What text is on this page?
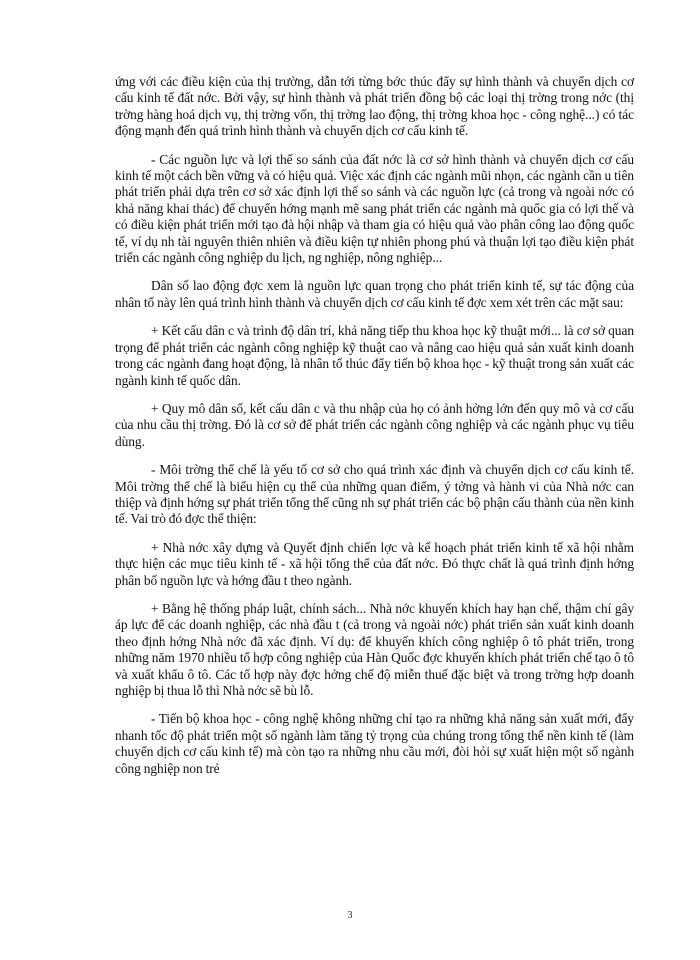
ứng với các điều kiện của thị trường, dẫn tới từng bớc thúc đẩy sự hình thành và chuyển dịch cơ cấu kinh tế đất nớc. Bởi vậy, sự hình thành và phát triển đồng bộ các loại thị trờng trong nớc (thị trờng hàng hoá dịch vụ, thị trờng vốn, thị trờng lao động, thị trờng khoa học - công nghệ...) có tác động mạnh đến quá trình hình thành và chuyển dịch cơ cấu kinh tế.

- Các nguồn lực và lợi thế so sánh của đất nớc là cơ sở hình thành và chuyển dịch cơ cấu kinh tế một cách bền vững và có hiệu quả. Việc xác định các ngành mũi nhọn, các ngành cần u tiên phát triển phải dựa trên cơ sở xác định lợi thế so sánh và các nguồn lực (cả trong và ngoài nớc có khả năng khai thác) để chuyển hớng mạnh mẽ sang phát triển các ngành mà quốc gia có lợi thế và có điều kiện phát triển mới tạo đà hội nhập và tham gia có hiệu quả vào phân công lao động quốc tế, ví dụ nh tài nguyên thiên nhiên và điều kiện tự nhiên phong phú và thuận lợi tạo điều kiện phát triển các ngành công nghiệp du lịch, ng nghiệp, nông nghiệp...

Dân số lao động đợc xem là nguồn lực quan trọng cho phát triển kinh tế, sự tác động của nhân tố này lên quá trình hình thành và chuyển dịch cơ cấu kinh tế đợc xem xét trên các mặt sau:

+ Kết cấu dân c và trình độ dân trí, khả năng tiếp thu khoa học kỹ thuật mới... là cơ sở quan trọng để phát triển các ngành công nghiệp kỹ thuật cao và nâng cao hiệu quả sản xuất kinh doanh trong các ngành đang hoạt động, là nhân tố thúc đẩy tiến bộ khoa học - kỹ thuật trong sản xuất các ngành kinh tế quốc dân.

+ Quy mô dân số, kết cấu dân c và thu nhập của họ có ảnh hởng lớn đến quy mô và cơ cấu của nhu cầu thị trờng. Đó là cơ sở để phát triển các ngành công nghiệp và các ngành phục vụ tiêu dùng.

- Môi trờng thể chế là yếu tố cơ sở cho quá trình xác định và chuyển dịch cơ cấu kinh tế. Môi trờng thể chế là biểu hiện cụ thể của những quan điểm, ý tởng và hành vi của Nhà nớc can thiệp và định hớng sự phát triển tổng thể cũng nh sự phát triển các bộ phận cấu thành của nền kinh tế. Vai trò đó đợc thể thiện:

+ Nhà nớc xây dựng và Quyết định chiến lợc và kế hoạch phát triển kinh tế xã hội nhằm thực hiện các mục tiêu kinh tế - xã hội tổng thể của đất nớc. Đó thực chất là quá trình định hớng phân bố nguồn lực và hớng đầu t theo ngành.

+ Bằng hệ thống pháp luật, chính sách... Nhà nớc khuyến khích hay hạn chế, thậm chí gây áp lực để các doanh nghiệp, các nhà đầu t (cả trong và ngoài nớc) phát triển sản xuất kinh doanh theo định hớng Nhà nớc đã xác định. Ví dụ: để khuyến khích công nghiệp ô tô phát triển, trong những năm 1970 nhiều tổ hợp công nghiệp của Hàn Quốc đợc khuyến khích phát triển chế tạo ô tô và xuất khẩu ô tô. Các tổ hợp này đợc hởng chế độ miễn thuế đặc biệt và trong trờng hợp doanh nghiệp bị thua lỗ thì Nhà nớc sẽ bù lỗ.

- Tiến bộ khoa học - công nghệ không những chỉ tạo ra những khả năng sản xuất mới, đẩy nhanh tốc độ phát triển một số ngành làm tăng tỷ trọng của chúng trong tổng thể nền kinh tế (làm chuyển dịch cơ cấu kinh tế) mà còn tạo ra những nhu cầu mới, đòi hỏi sự xuất hiện một số ngành công nghiệp non trẻ

3
